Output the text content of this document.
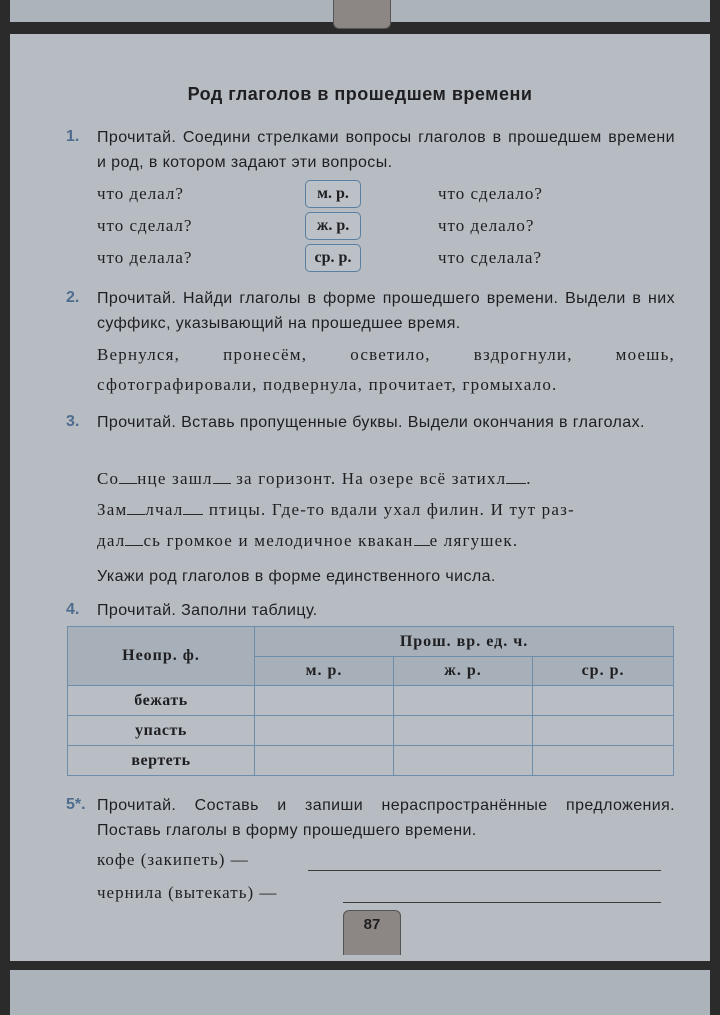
Род глаголов в прошедшем времени
1. Прочитай. Соедини стрелками вопросы глаголов в прошедшем времени и род, в котором задают эти вопросы.
что делал?	м. р.	что сделало?
что сделал?	ж. р.	что делало?
что делала?	ср. р.	что сделала?
2. Прочитай. Найди глаголы в форме прошедшего времени. Выдели в них суффикс, указывающий на прошедшее время.
Вернулся, пронесём, осветило, вздрогнули, моешь, сфотографировали, подвернула, прочитает, громыхало.
3. Прочитай. Вставь пропущенные буквы. Выдели окончания в глаголах.
Со нце зашл за горизонт. На озере всё затихл .
Зам лчал птицы. Где-то вдали ухал филин. И тут раз-
дал сь громкое и мелодичное квакан е лягушек.
Укажи род глаголов в форме единственного числа.
4. Прочитай. Заполни таблицу.
Неопр. ф.	Прош. вр. ед. ч.		
	м. р.	ж. р.	ср. р.
бежать			
упасть			
вертеть			
5*. Прочитай. Составь и запиши нераспространённые предложения. Поставь глаголы в форму прошедшего времени.
кофе (закипеть) —
чернила (вытекать) —
87
